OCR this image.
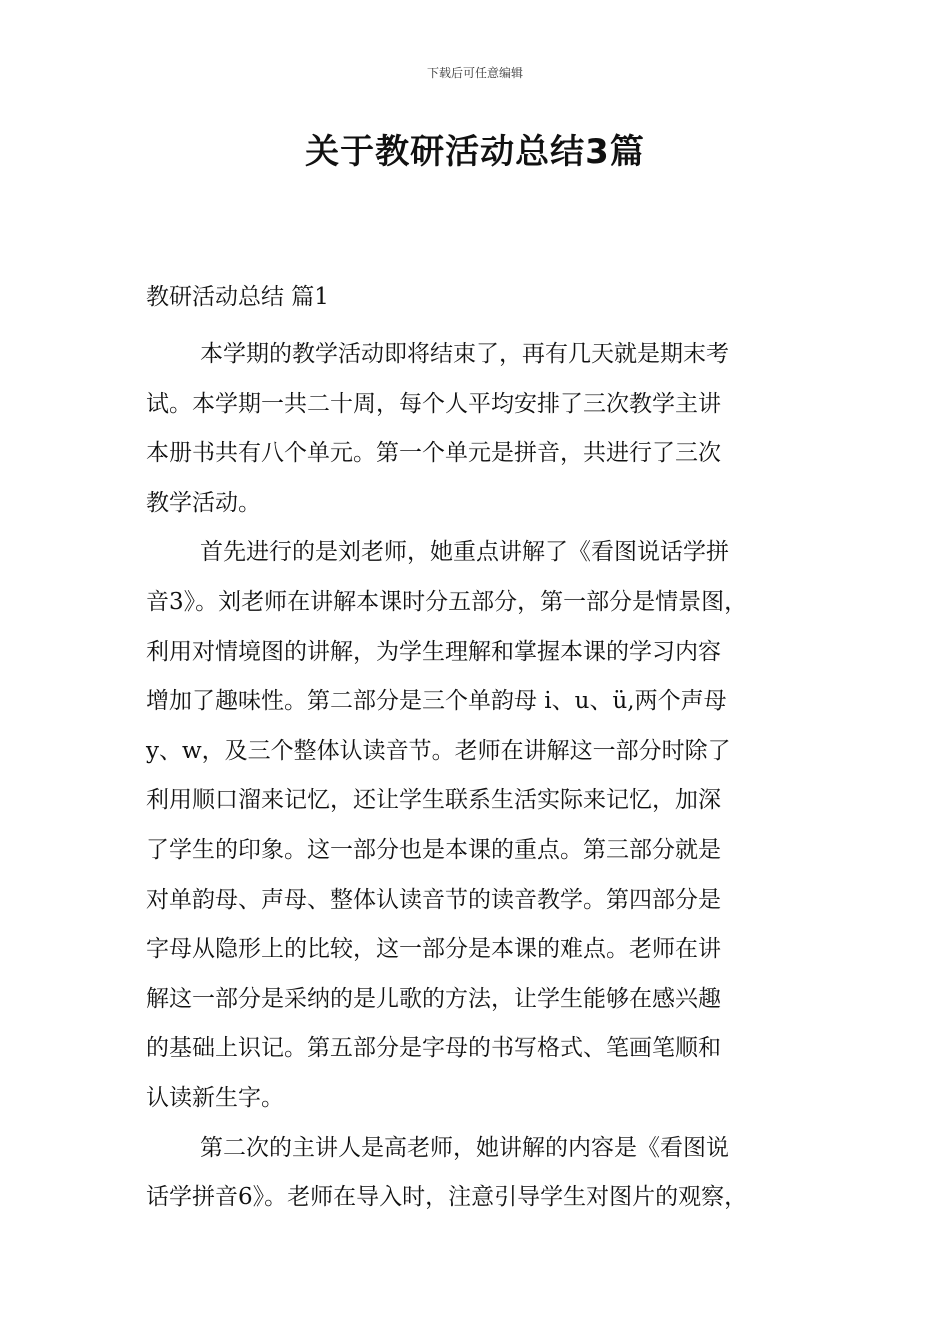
下载后可任意编辑
关于教研活动总结3篇
教研活动总结 篇1
本学期的教学活动即将结束了，再有几天就是期末考
试。本学期一共二十周，每个人平均安排了三次教学主讲
本册书共有八个单元。第一个单元是拼音，共进行了三次
教学活动。
首先进行的是刘老师，她重点讲解了《看图说话学拼
音3》。刘老师在讲解本课时分五部分，第一部分是情景图，
利用对情境图的讲解，为学生理解和掌握本课的学习内容
增加了趣味性。第二部分是三个单韵母 i、u、ü,两个声母
y、w，及三个整体认读音节。老师在讲解这一部分时除了
利用顺口溜来记忆，还让学生联系生活实际来记忆，加深
了学生的印象。这一部分也是本课的重点。第三部分就是
对单韵母、声母、整体认读音节的读音教学。第四部分是
字母从隐形上的比较，这一部分是本课的难点。老师在讲
解这一部分是采纳的是儿歌的方法，让学生能够在感兴趣
的基础上识记。第五部分是字母的书写格式、笔画笔顺和
认读新生字。
第二次的主讲人是高老师，她讲解的内容是《看图说
话学拼音6》。老师在导入时，注意引导学生对图片的观察，
